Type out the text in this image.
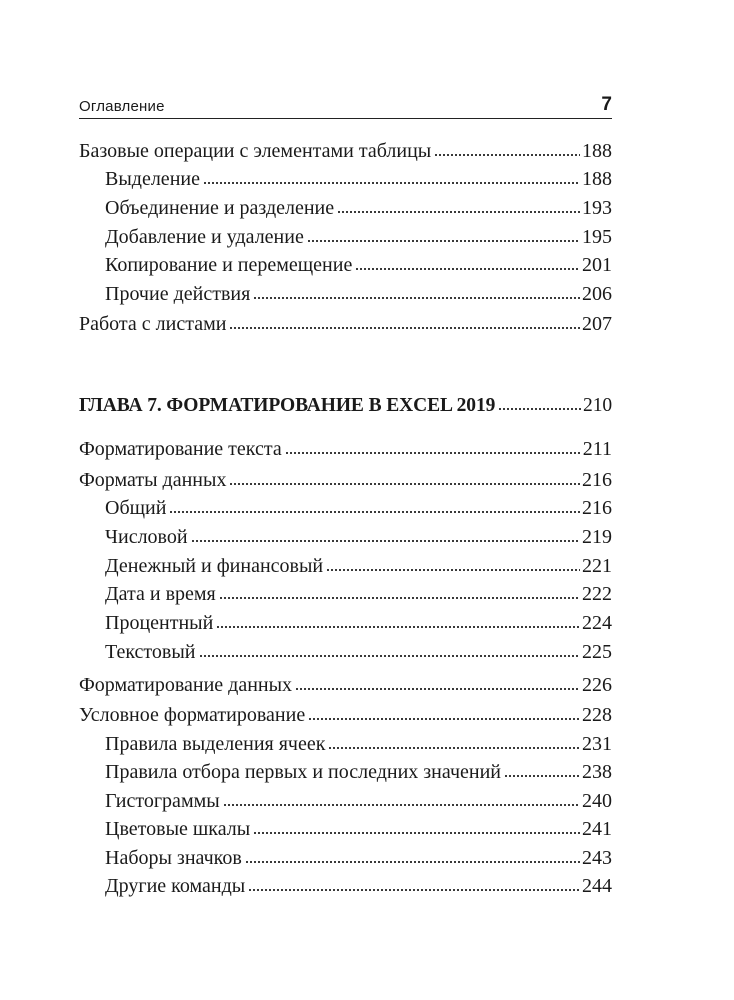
Оглавление	7
Базовые операции с элементами таблицы	188
Выделение	188
Объединение и разделение	193
Добавление и удаление	195
Копирование и перемещение	201
Прочие действия	206
Работа с листами	207
ГЛАВА 7. ФОРМАТИРОВАНИЕ В EXCEL 2019	210
Форматирование текста	211
Форматы данных	216
Общий	216
Числовой	219
Денежный и финансовый	221
Дата и время	222
Процентный	224
Текстовый	225
Форматирование данных	226
Условное форматирование	228
Правила выделения ячеек	231
Правила отбора первых и последних значений	238
Гистограммы	240
Цветовые шкалы	241
Наборы значков	243
Другие команды	244
